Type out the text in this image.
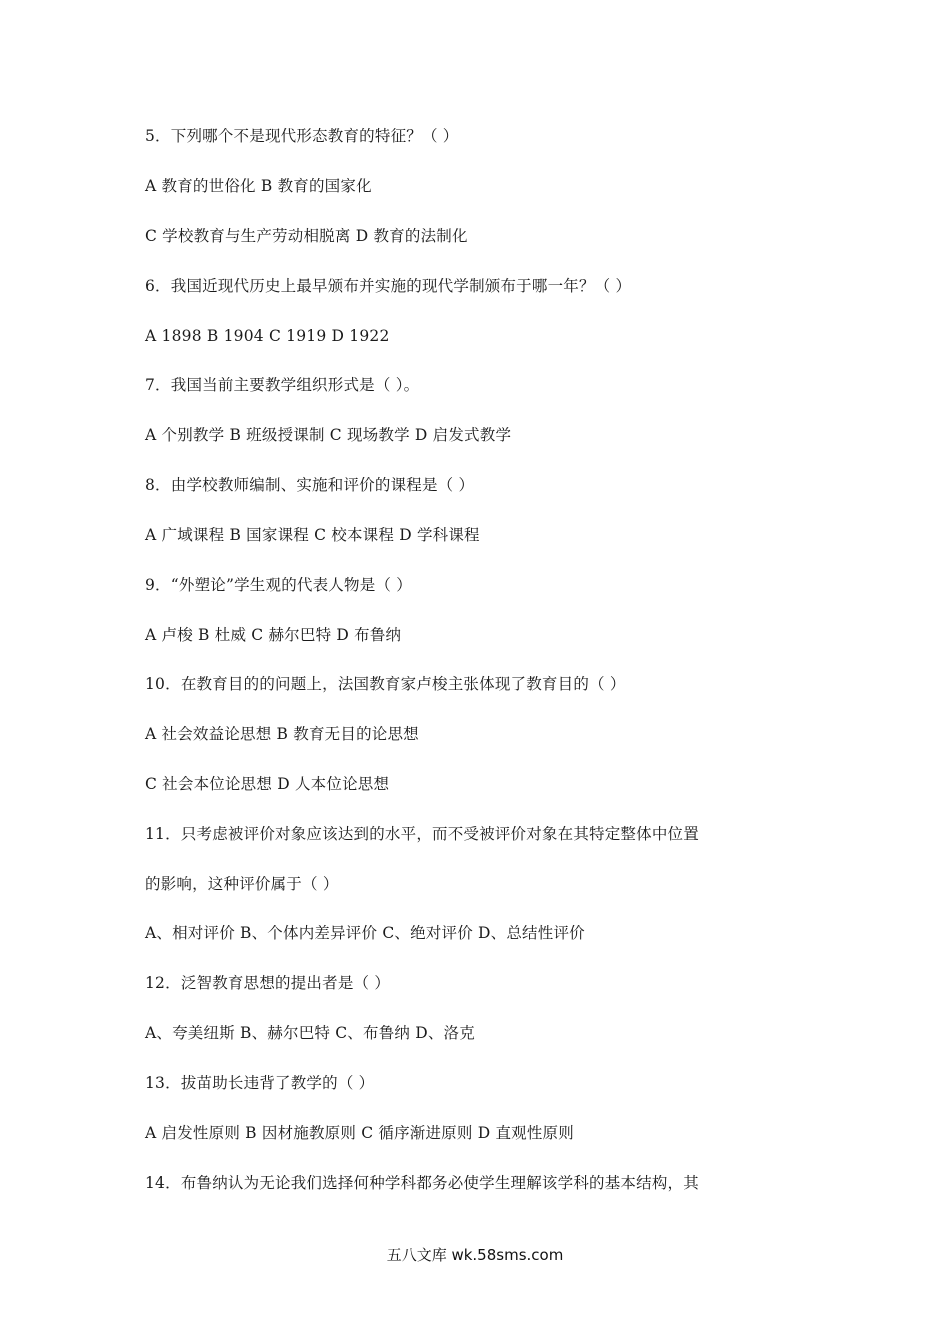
5．下列哪个不是现代形态教育的特征？（ ）
A 教育的世俗化 B 教育的国家化
C 学校教育与生产劳动相脱离 D 教育的法制化
6．我国近现代历史上最早颁布并实施的现代学制颁布于哪一年？（ ）
A 1898 B 1904 C 1919 D 1922
7．我国当前主要教学组织形式是（ ）。
A 个别教学 B 班级授课制 C 现场教学 D 启发式教学
8．由学校教师编制、实施和评价的课程是（ ）
A 广域课程 B 国家课程 C 校本课程 D 学科课程
9．“外塑论”学生观的代表人物是（ ）
A 卢梭 B 杜威 C 赫尔巴特 D 布鲁纳
10．在教育目的的问题上，法国教育家卢梭主张体现了教育目的（ ）
A 社会效益论思想 B 教育无目的论思想
C 社会本位论思想 D 人本位论思想
11．只考虑被评价对象应该达到的水平，而不受被评价对象在其特定整体中位置
的影响，这种评价属于（ ）
A、相对评价 B、个体内差异评价 C、绝对评价 D、总结性评价
12．泛智教育思想的提出者是（ ）
A、夸美纽斯 B、赫尔巴特 C、布鲁纳 D、洛克
13．拔苗助长违背了教学的（ ）
A 启发性原则 B 因材施教原则 C 循序渐进原则 D 直观性原则
14．布鲁纳认为无论我们选择何种学科都务必使学生理解该学科的基本结构，其
五八文库 wk.58sms.com
